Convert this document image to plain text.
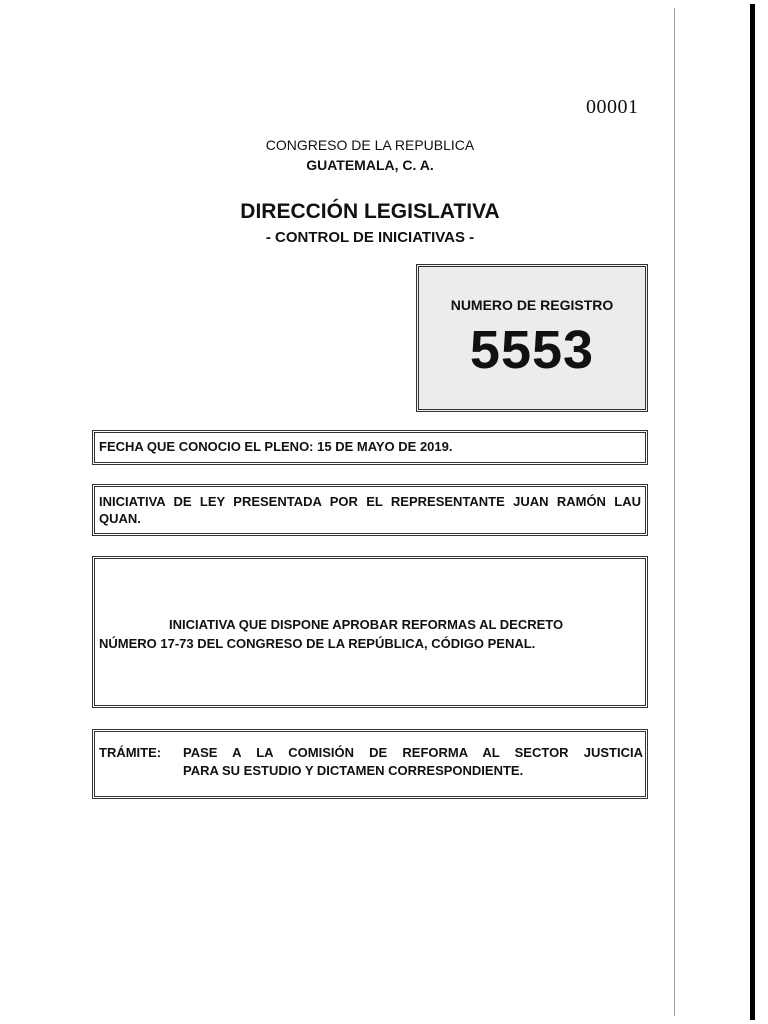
00001
CONGRESO DE LA REPUBLICA
GUATEMALA, C. A.
DIRECCIÓN LEGISLATIVA
- CONTROL DE INICIATIVAS -
NUMERO DE REGISTRO
5553
FECHA QUE CONOCIO EL PLENO: 15 DE MAYO DE 2019.
INICIATIVA DE LEY PRESENTADA POR EL REPRESENTANTE JUAN RAMÓN LAU QUAN.
INICIATIVA QUE DISPONE APROBAR REFORMAS AL DECRETO
NÚMERO 17-73 DEL CONGRESO DE LA REPÚBLICA, CÓDIGO PENAL.
TRÁMITE: PASE A LA COMISIÓN DE REFORMA AL SECTOR JUSTICIA
PARA SU ESTUDIO Y DICTAMEN CORRESPONDIENTE.
